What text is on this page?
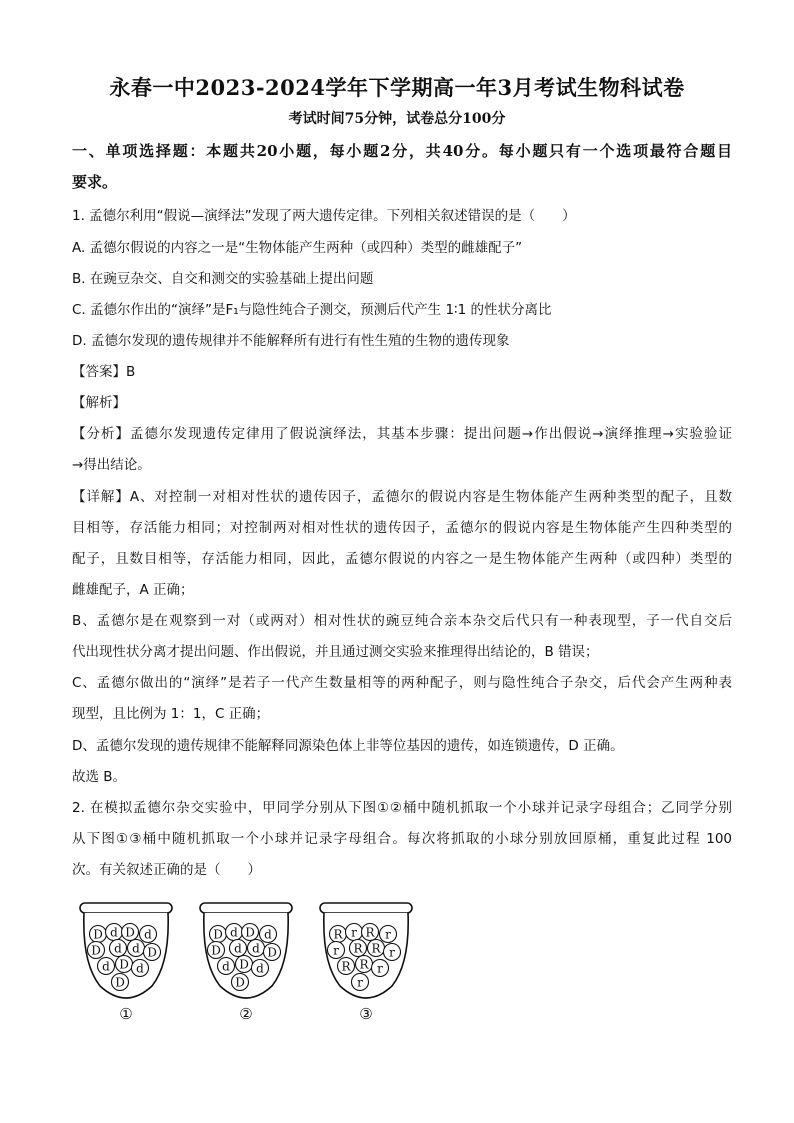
永春一中2023-2024学年下学期高一年3月考试生物科试卷
考试时间75分钟，试卷总分100分
一、单项选择题：本题共20小题，每小题2分，共40分。每小题只有一个选项最符合题目
要求。
1. 孟德尔利用“假说—演绎法”发现了两大遗传定律。下列相关叙述错误的是（　　）
A. 孟德尔假说的内容之一是“生物体能产生两种（或四种）类型的雌雄配子”
B. 在豌豆杂交、自交和测交的实验基础上提出问题
C. 孟德尔作出的“演绎”是F₁与隐性纯合子测交，预测后代产生 1∶1 的性状分离比
D. 孟德尔发现的遗传规律并不能解释所有进行有性生殖的生物的遗传现象
【答案】B
【解析】
【分析】孟德尔发现遗传定律用了假说演绎法，其基本步骤：提出问题→作出假说→演绎推理→实验验证
→得出结论。
【详解】A、对控制一对相对性状的遗传因子，孟德尔的假说内容是生物体能产生两种类型的配子，且数
目相等，存活能力相同；对控制两对相对性状的遗传因子，孟德尔的假说内容是生物体能产生四种类型的
配子，且数目相等，存活能力相同，因此，孟德尔假说的内容之一是生物体能产生两种（或四种）类型的
雌雄配子，A 正确；
B、孟德尔是在观察到一对（或两对）相对性状的豌豆纯合亲本杂交后代只有一种表现型，子一代自交后
代出现性状分离才提出问题、作出假说，并且通过测交实验来推理得出结论的，B 错误；
C、孟德尔做出的“演绎”是若子一代产生数量相等的两种配子，则与隐性纯合子杂交，后代会产生两种表
现型，且比例为 1：1，C 正确；
D、孟德尔发现的遗传规律不能解释同源染色体上非等位基因的遗传，如连锁遗传，D 正确。
故选 B。
2. 在模拟孟德尔杂交实验中，甲同学分别从下图①②桶中随机抓取一个小球并记录字母组合；乙同学分别
从下图①③桶中随机抓取一个小球并记录字母组合。每次将抓取的小球分别放回原桶，重复此过程 100
次。有关叙述正确的是（　　）
D d D d
D d d D
d D d
D
①
D d D d
D d d D
d D d
D
②
R r R r
r R R r
R R r
r
③
